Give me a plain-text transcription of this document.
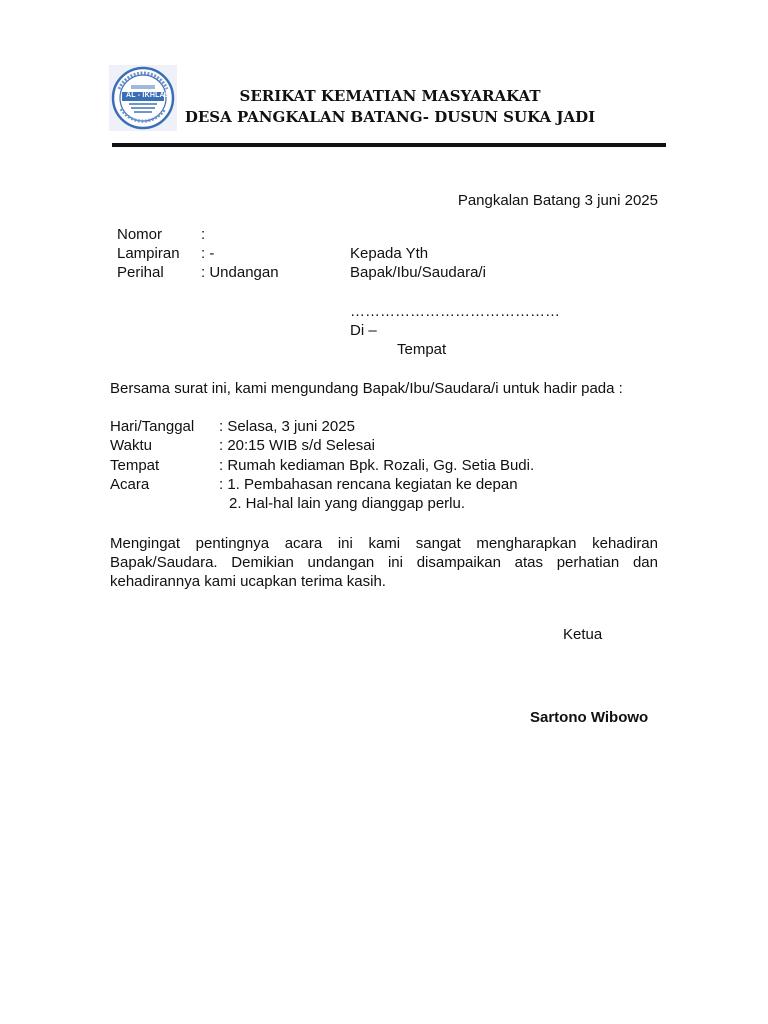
AL - IKHLAS	SERIKAT KEMATIAN MASYARAKAT
DESA PANGKALAN BATANG- DUSUN SUKA JADI
Pangkalan Batang 3 juni 2025
Nomor	:
Lampiran : -
Perihal : Undangan
Kepada Yth
Bapak/Ibu/Saudara/i
……………………………………
Di –
Tempat
Bersama surat ini, kami mengundang Bapak/Ibu/Saudara/i untuk hadir pada :
Hari/Tanggal : Selasa, 3 juni 2025
Waktu	: 20:15 WIB s/d Selesai
Tempat	: Rumah kediaman Bpk. Rozali, Gg. Setia Budi.
Acara	: 1. Pembahasan rencana kegiatan ke depan
2. Hal-hal lain yang dianggap perlu.
Mengingat pentingnya acara ini kami sangat mengharapkan kehadiran Bapak/Saudara. Demikian undangan ini disampaikan atas perhatian dan kehadirannya kami ucapkan terima kasih.
Ketua
Sartono Wibowo
